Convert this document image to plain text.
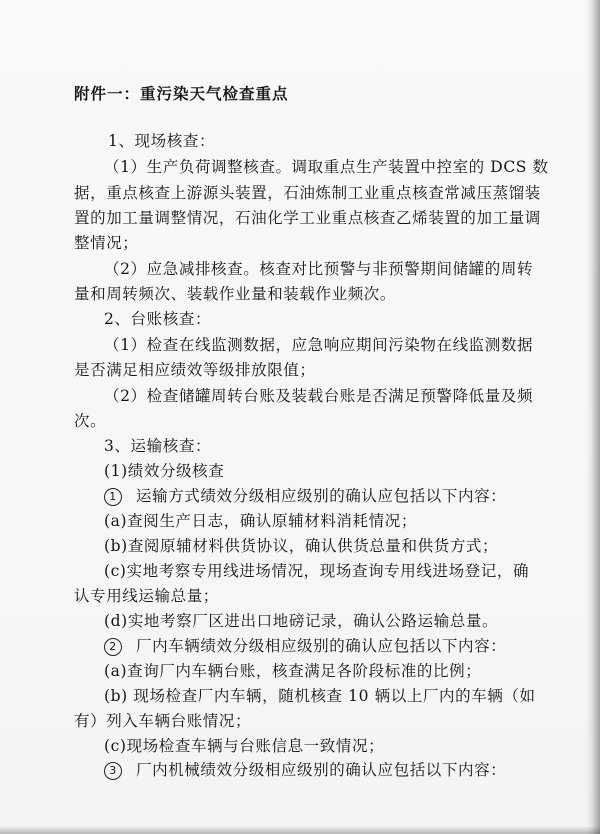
附件一：重污染天气检查重点
1、现场核查：
（1）生产负荷调整核查。调取重点生产装置中控室的 DCS 数
据，重点核查上游源头装置，石油炼制工业重点核查常减压蒸馏装
置的加工量调整情况，石油化学工业重点核查乙烯装置的加工量调
整情况；
（2）应急减排核查。核查对比预警与非预警期间储罐的周转
量和周转频次、装载作业量和装载作业频次。
2、台账核查：
（1）检查在线监测数据，应急响应期间污染物在线监测数据
是否满足相应绩效等级排放限值；
（2）检查储罐周转台账及装载台账是否满足预警降低量及频
次。
3、运输核查：
(1)绩效分级核查
1 运输方式绩效分级相应级别的确认应包括以下内容：
(a)查阅生产日志，确认原辅材料消耗情况；
(b)查阅原辅材料供货协议，确认供货总量和供货方式；
(c)实地考察专用线进场情况，现场查询专用线进场登记，确
认专用线运输总量；
(d)实地考察厂区进出口地磅记录，确认公路运输总量。
2 厂内车辆绩效分级相应级别的确认应包括以下内容：
(a)查询厂内车辆台账，核查满足各阶段标准的比例；
(b) 现场检查厂内车辆，随机核查 10 辆以上厂内的车辆（如
有）列入车辆台账情况；
(c)现场检查车辆与台账信息一致情况；
3 厂内机械绩效分级相应级别的确认应包括以下内容：
